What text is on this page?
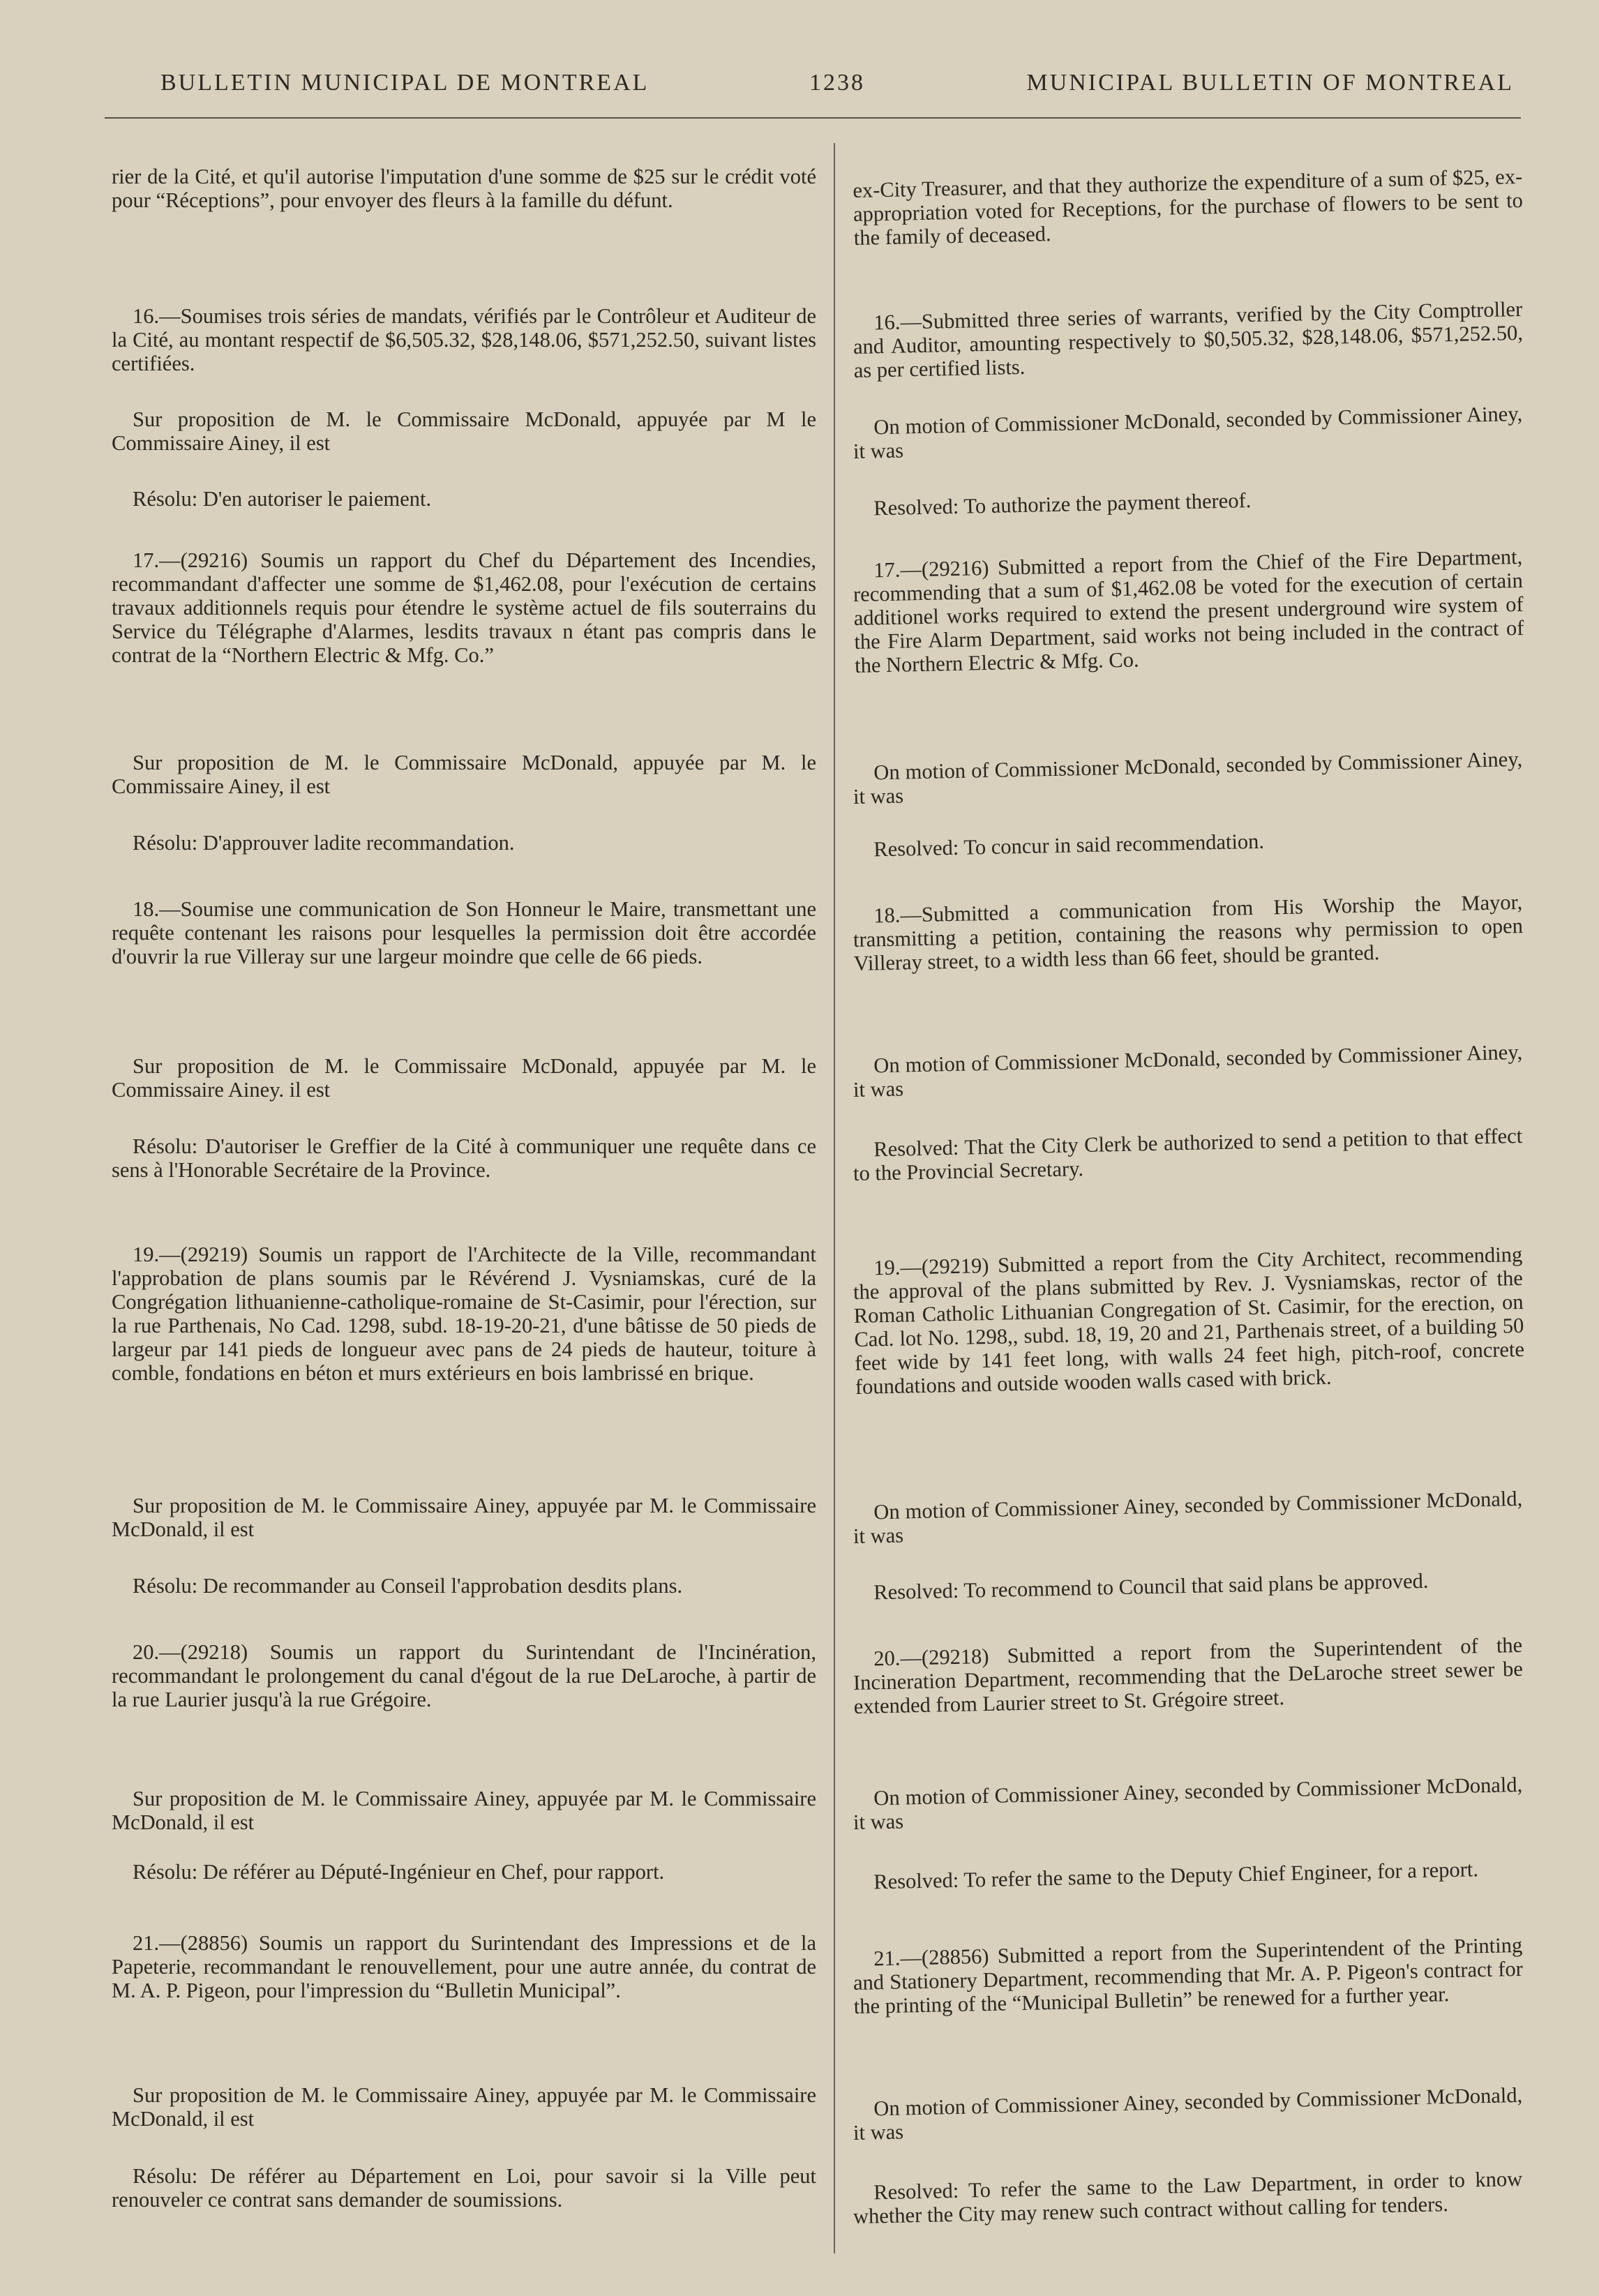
BULLETIN MUNICIPAL DE MONTREAL	1238	MUNICIPAL BULLETIN OF MONTREAL

rier de la Cité, et qu'il autorise l'imputation d'une somme de $25 sur le crédit voté pour “Réceptions”, pour envoyer des fleurs à la famille du défunt.

16.—Soumises trois séries de mandats, vérifiés par le Contrôleur et Auditeur de la Cité, au montant respectif de $6,505.32, $28,148.06, $571,252.50, suivant listes certifiées.

Sur proposition de M. le Commissaire McDonald, appuyée par M le Commissaire Ainey, il est

Résolu: D'en autoriser le paiement.

17.—(29216) Soumis un rapport du Chef du Département des Incendies, recommandant d'affecter une somme de $1,462.08, pour l'exécution de certains travaux additionnels requis pour étendre le système actuel de fils souterrains du Service du Télégraphe d'Alarmes, lesdits travaux n étant pas compris dans le contrat de la “Northern Electric & Mfg. Co.”

Sur proposition de M. le Commissaire McDonald, appuyée par M. le Commissaire Ainey, il est

Résolu: D'approuver ladite recommandation.

18.—Soumise une communication de Son Honneur le Maire, transmettant une requête contenant les raisons pour lesquelles la permission doit être accordée d'ouvrir la rue Villeray sur une largeur moindre que celle de 66 pieds.

Sur proposition de M. le Commissaire McDonald, appuyée par M. le Commissaire Ainey. il est

Résolu: D'autoriser le Greffier de la Cité à communiquer une requête dans ce sens à l'Honorable Secrétaire de la Province.

19.—(29219) Soumis un rapport de l'Architecte de la Ville, recommandant l'approbation de plans soumis par le Révérend J. Vysniamskas, curé de la Congrégation lithuanienne-catholique-romaine de St-Casimir, pour l'érection, sur la rue Parthenais, No Cad. 1298, subd. 18-19-20-21, d'une bâtisse de 50 pieds de largeur par 141 pieds de longueur avec pans de 24 pieds de hauteur, toiture à comble, fondations en béton et murs extérieurs en bois lambrissé en brique.

Sur proposition de M. le Commissaire Ainey, appuyée par M. le Commissaire McDonald, il est

Résolu: De recommander au Conseil l'approbation desdits plans.

20.—(29218) Soumis un rapport du Surintendant de l'Incinération, recommandant le prolongement du canal d'égout de la rue DeLaroche, à partir de la rue Laurier jusqu'à la rue Grégoire.

Sur proposition de M. le Commissaire Ainey, appuyée par M. le Commissaire McDonald, il est

Résolu: De référer au Député-Ingénieur en Chef, pour rapport.

21.—(28856) Soumis un rapport du Surintendant des Impressions et de la Papeterie, recommandant le renouvellement, pour une autre année, du contrat de M. A. P. Pigeon, pour l'impression du “Bulletin Municipal”.

Sur proposition de M. le Commissaire Ainey, appuyée par M. le Commissaire McDonald, il est

Résolu: De référer au Département en Loi, pour savoir si la Ville peut renouveler ce contrat sans demander de soumissions.

ex-City Treasurer, and that they authorize the expenditure of a sum of $25, ex-appropriation voted for Receptions, for the purchase of flowers to be sent to the family of deceased.

16.—Submitted three series of warrants, verified by the City Comptroller and Auditor, amounting respectively to $0,505.32, $28,148.06, $571,252.50, as per certified lists.

On motion of Commissioner McDonald, seconded by Commissioner Ainey, it was

Resolved: To authorize the payment thereof.

17.—(29216) Submitted a report from the Chief of the Fire Department, recommending that a sum of $1,462.08 be voted for the execution of certain additionel works required to extend the present underground wire system of the Fire Alarm Department, said works not being included in the contract of the Northern Electric & Mfg. Co.

On motion of Commissioner McDonald, seconded by Commissioner Ainey, it was

Resolved: To concur in said recommendation.

18.—Submitted a communication from His Worship the Mayor, transmitting a petition, containing the reasons why permission to open Villeray street, to a width less than 66 feet, should be granted.

On motion of Commissioner McDonald, seconded by Commissioner Ainey, it was

Resolved: That the City Clerk be authorized to send a petition to that effect to the Provincial Secretary.

19.—(29219) Submitted a report from the City Architect, recommending the approval of the plans submitted by Rev. J. Vysniamskas, rector of the Roman Catholic Lithuanian Congregation of St. Casimir, for the erection, on Cad. lot No. 1298,, subd. 18, 19, 20 and 21, Parthenais street, of a building 50 feet wide by 141 feet long, with walls 24 feet high, pitch-roof, concrete foundations and outside wooden walls cased with brick.

On motion of Commissioner Ainey, seconded by Commissioner McDonald, it was

Resolved: To recommend to Council that said plans be approved.

20.—(29218) Submitted a report from the Superintendent of the Incineration Department, recommending that the DeLaroche street sewer be extended from Laurier street to St. Grégoire street.

On motion of Commissioner Ainey, seconded by Commissioner McDonald, it was

Resolved: To refer the same to the Deputy Chief Engineer, for a report.

21.—(28856) Submitted a report from the Superintendent of the Printing and Stationery Department, recommending that Mr. A. P. Pigeon's contract for the printing of the “Municipal Bulletin” be renewed for a further year.

On motion of Commissioner Ainey, seconded by Commissioner McDonald, it was

Resolved: To refer the same to the Law Department, in order to know whether the City may renew such contract without calling for tenders.
